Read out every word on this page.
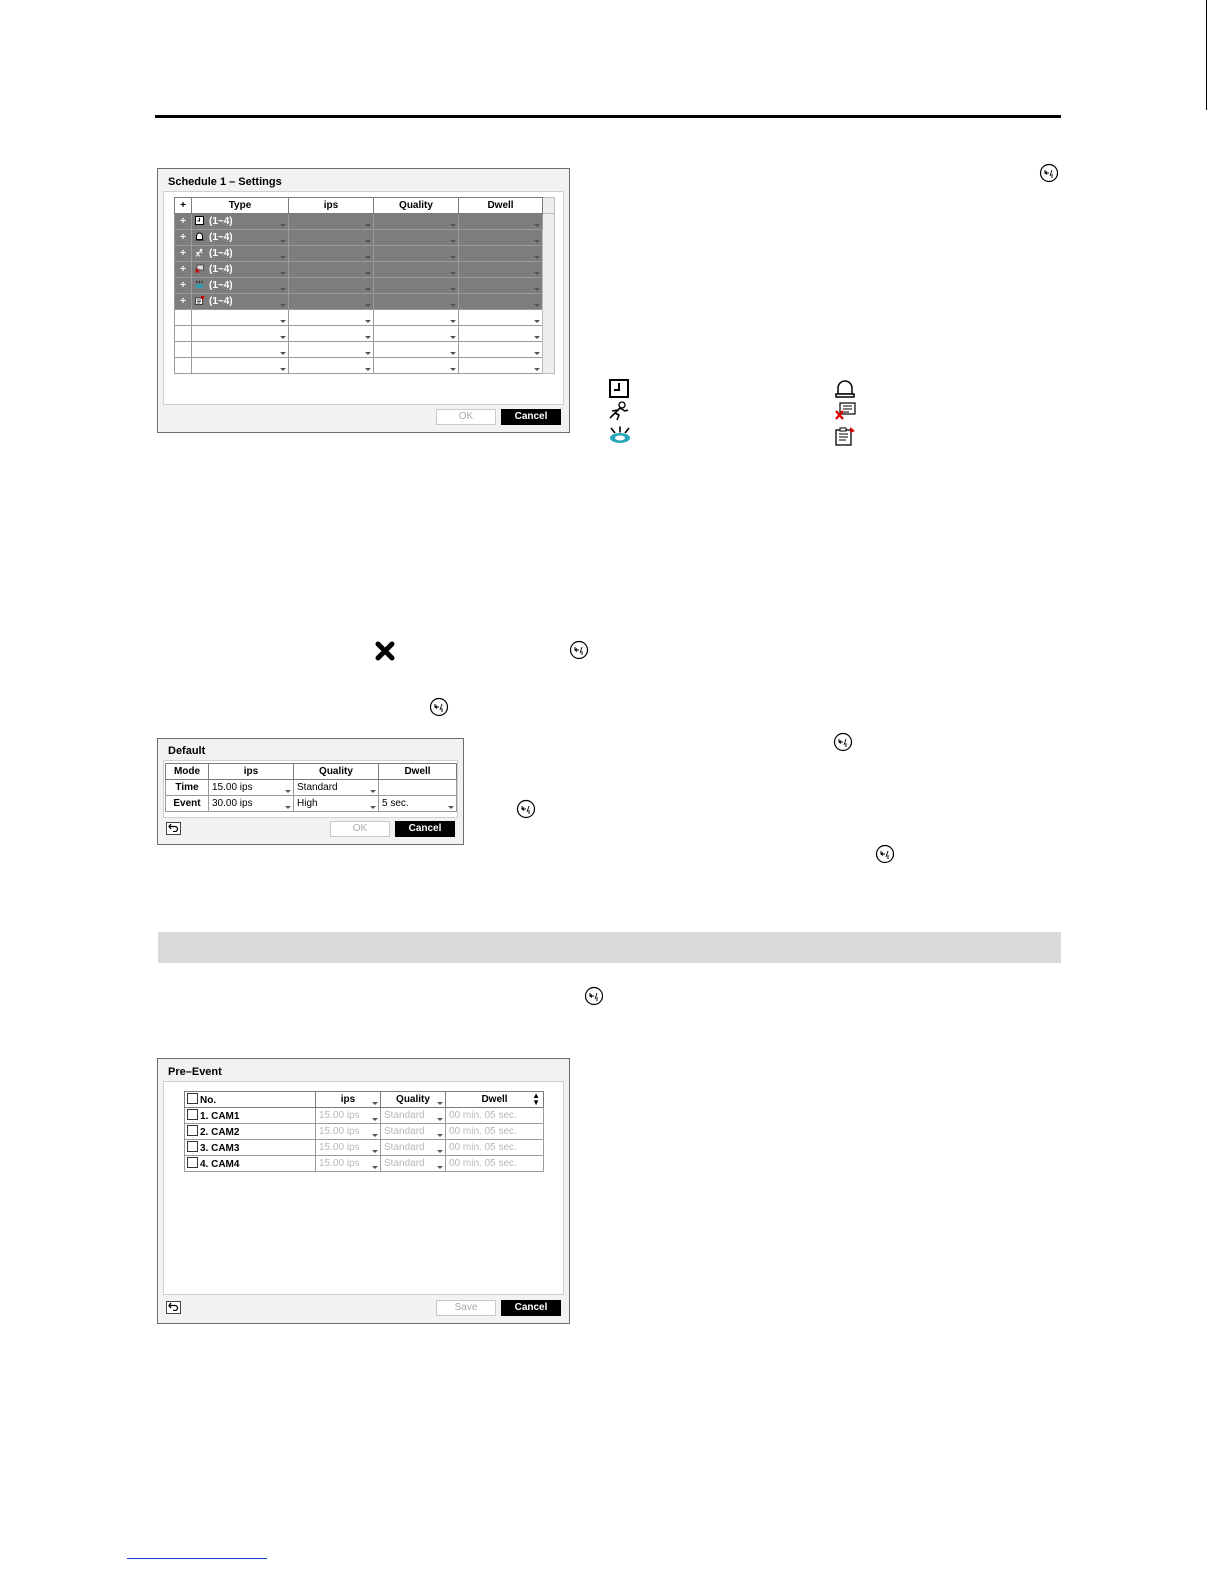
Schedule 1 – Settings
+	Type	ips	Quality	Dwell	
+	(1~4)				
+	(1~4)				
+	(1~4)				
+	(1~4)				
+	(1~4)				
+	(1~4)				

OK	Cancel
II
II
II
Default
Mode	ips	Quality	Dwell
Time	15.00 ips	Standard	
Event	30.00 ips	High	5 sec.
OK	Cancel
II
II
II
II
Pre–Event
No.	ips	Quality	Dwell ▲
▼

1. CAM1	15.00 ips	Standard	00 min. 05 sec.
2. CAM2	15.00 ips	Standard	00 min. 05 sec.
3. CAM3	15.00 ips	Standard	00 min. 05 sec.
4. CAM4	15.00 ips	Standard	00 min. 05 sec.
Save	Cancel
